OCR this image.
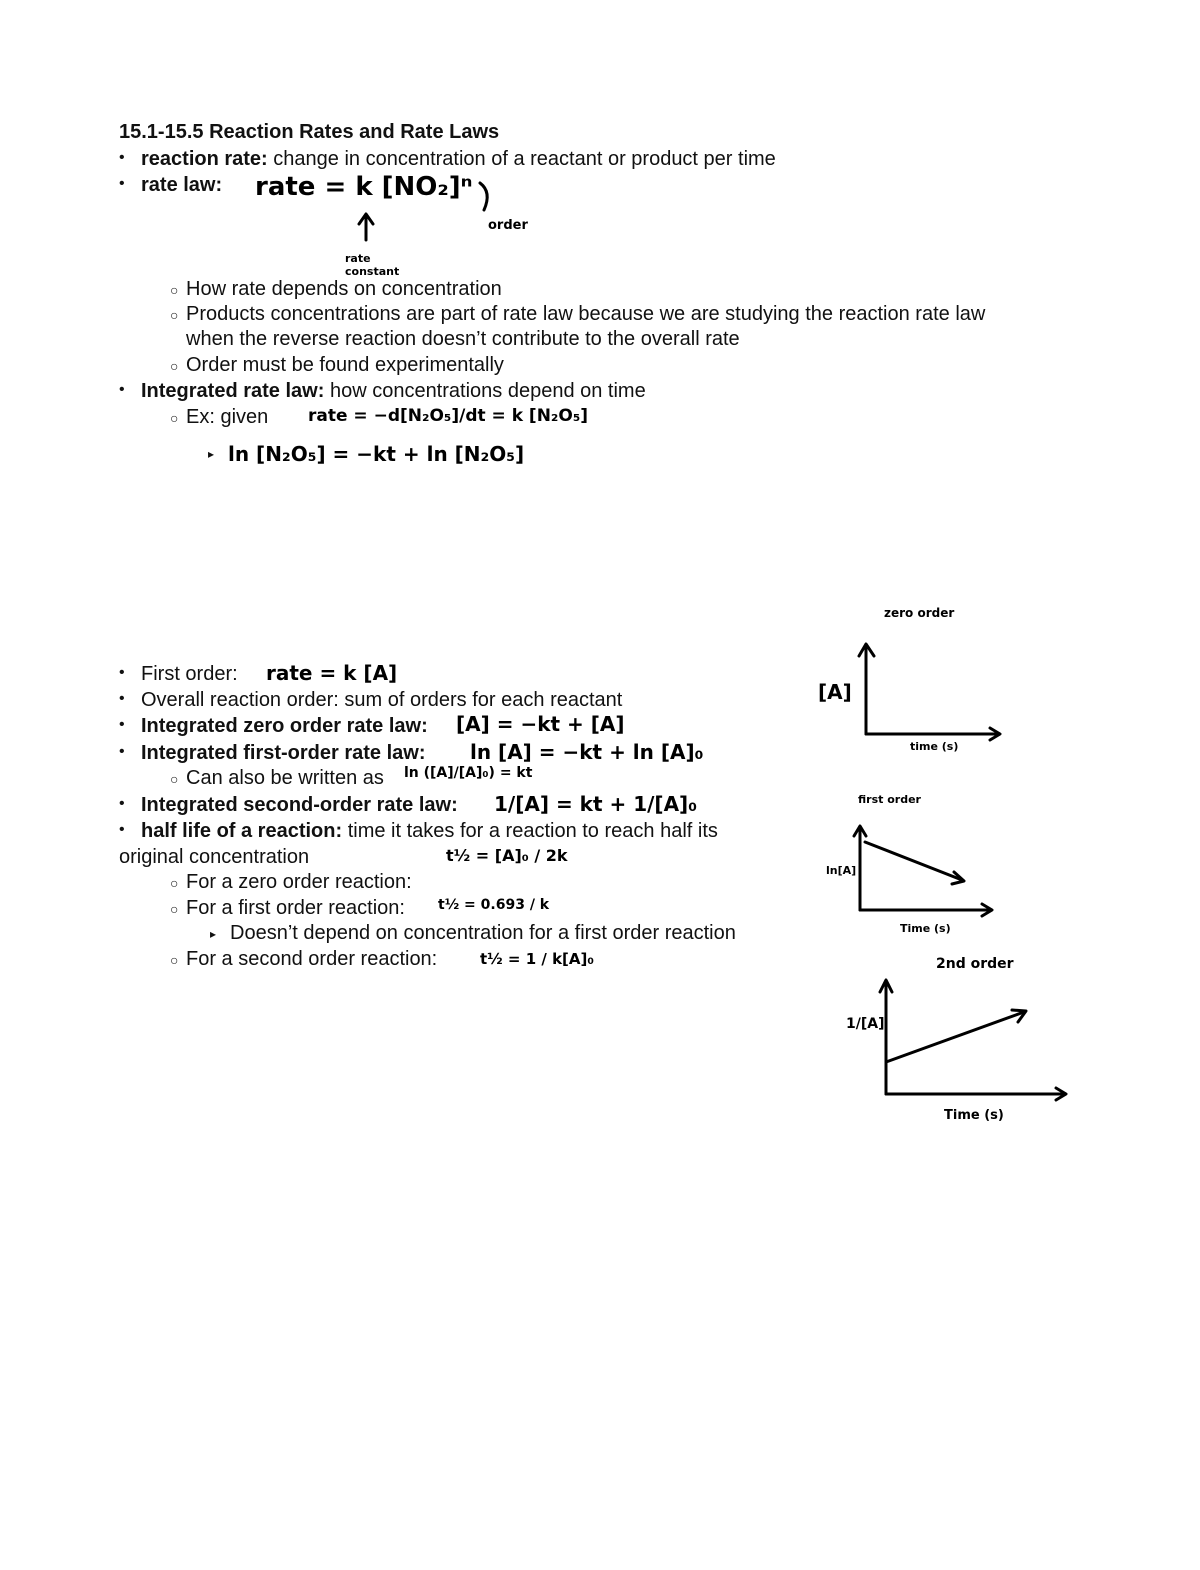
15.1-15.5 Reaction Rates and Rate Laws
• reaction rate: change in concentration of a reactant or product per time
• rate law: rate = k [NO₂]ⁿ
order
rate constant
○ How rate depends on concentration
○ Products concentrations are part of rate law because we are studying the reaction rate law
when the reverse reaction doesn’t contribute to the overall rate
○ Order must be found experimentally
• Integrated rate law: how concentrations depend on time
○ Ex: given rate = −d[N₂O₅]/dt = k [N₂O₅]
▸ ln [N₂O₅] = −kt + ln [N₂O₅]
• First order: rate = k [A]
• Overall reaction order: sum of orders for each reactant
• Integrated zero order rate law: [A] = −kt + [A]
• Integrated first-order rate law: ln [A] = −kt + ln [A]₀
○ Can also be written as ln ([A]/[A]₀) = kt
• Integrated second-order rate law: 1/[A] = kt + 1/[A]₀
• half life of a reaction: time it takes for a reaction to reach half its
original concentration	t½ = [A]₀ / 2k
○ For a zero order reaction:
○ For a first order reaction: t½ = 0.693 / k
▸ Doesn’t depend on concentration for a first order reaction
○ For a second order reaction:	t½ = 1 / k[A]₀
zero order
[A]
time (s)
first order
ln[A]
Time (s)
2nd order
1/[A]
Time (s)
